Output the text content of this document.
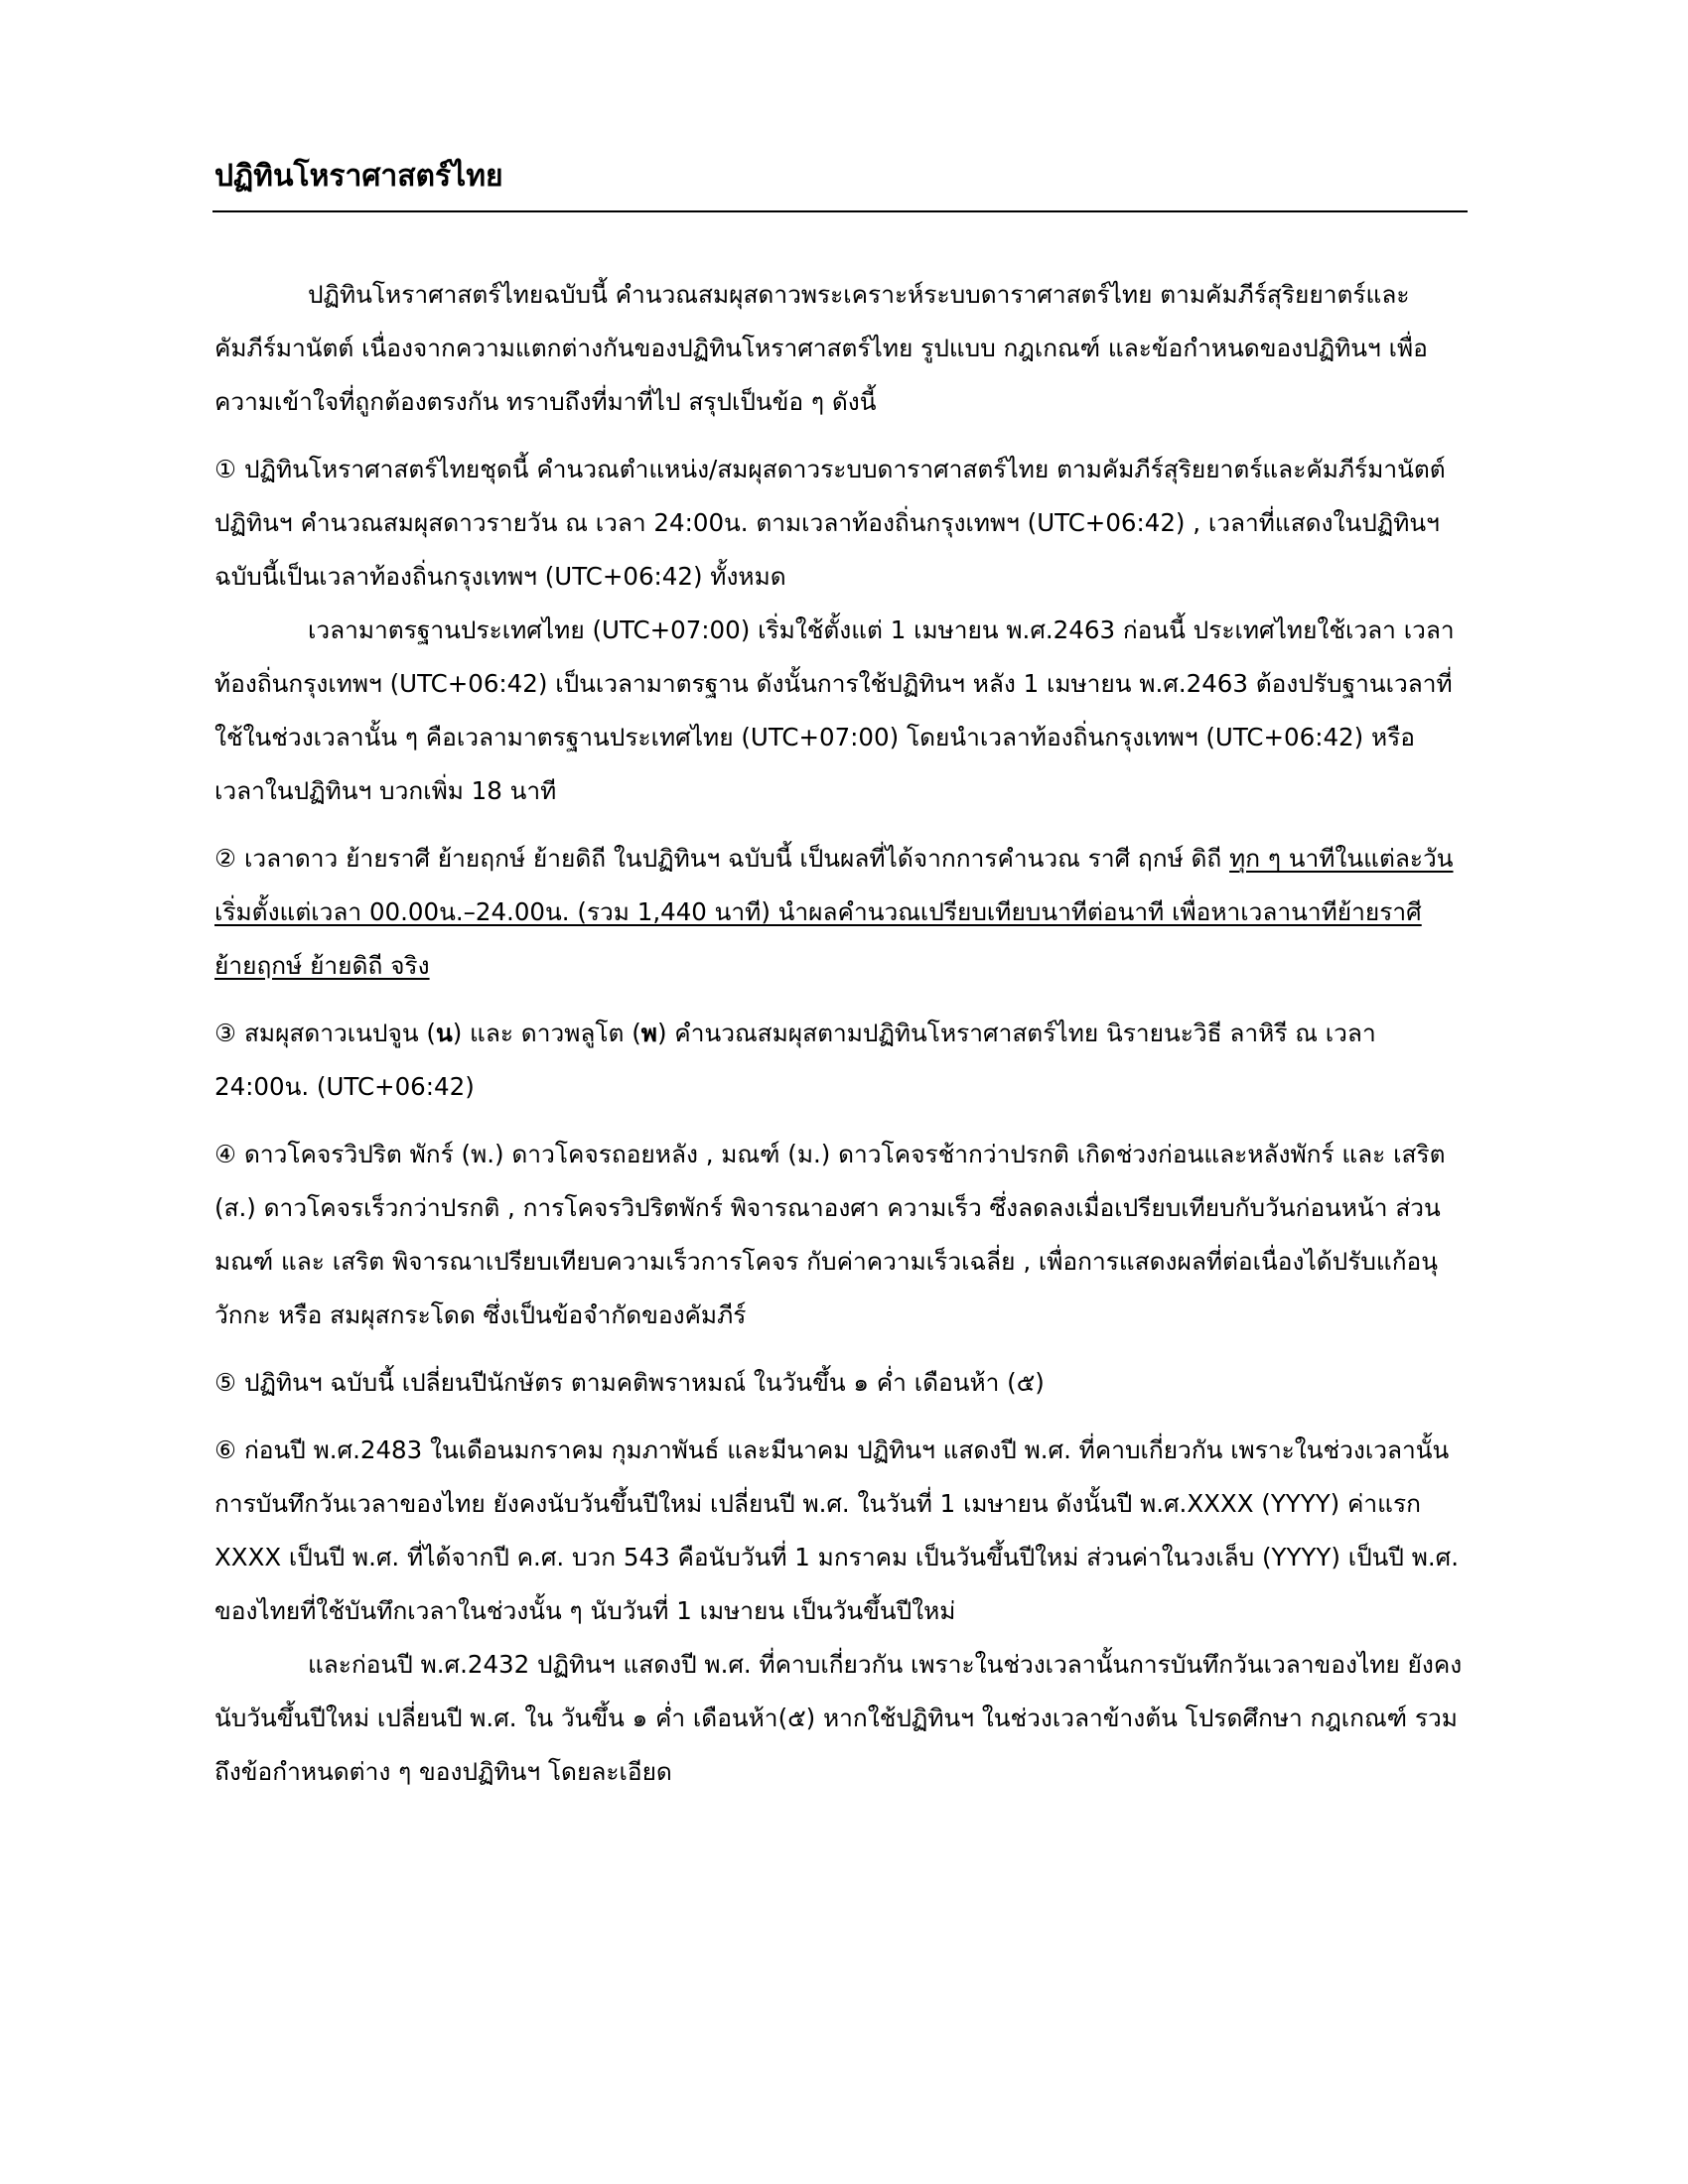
ปฏิทินโหราศาสตร์ไทย

ปฏิทินโหราศาสตร์ไทยฉบับนี้ คำนวณสมผุสดาวพระเคราะห์ระบบดาราศาสตร์ไทย ตามคัมภีร์สุริยยาตร์และคัมภีร์มานัตต์ เนื่องจากความแตกต่างกันของปฏิทินโหราศาสตร์ไทย รูปแบบ กฎเกณฑ์ และข้อกำหนดของปฏิทินฯ เพื่อความเข้าใจที่ถูกต้องตรงกัน ทราบถึงที่มาที่ไป สรุปเป็นข้อ ๆ ดังนี้

① ปฏิทินโหราศาสตร์ไทยชุดนี้ คำนวณตำแหน่ง/สมผุสดาวระบบดาราศาสตร์ไทย ตามคัมภีร์สุริยยาตร์และคัมภีร์มานัตต์ ปฏิทินฯ คำนวณสมผุสดาวรายวัน ณ เวลา 24:00น. ตามเวลาท้องถิ่นกรุงเทพฯ (UTC+06:42) , เวลาที่แสดงในปฏิทินฯ ฉบับนี้เป็นเวลาท้องถิ่นกรุงเทพฯ (UTC+06:42) ทั้งหมด

เวลามาตรฐานประเทศไทย (UTC+07:00) เริ่มใช้ตั้งแต่ 1 เมษายน พ.ศ.2463 ก่อนนี้ ประเทศไทยใช้เวลา เวลาท้องถิ่นกรุงเทพฯ (UTC+06:42) เป็นเวลามาตรฐาน ดังนั้นการใช้ปฏิทินฯ หลัง 1 เมษายน พ.ศ.2463 ต้องปรับฐานเวลาที่ใช้ในช่วงเวลานั้น ๆ คือเวลามาตรฐานประเทศไทย (UTC+07:00) โดยนำเวลาท้องถิ่นกรุงเทพฯ (UTC+06:42) หรือ เวลาในปฏิทินฯ บวกเพิ่ม 18 นาที

② เวลาดาว ย้ายราศี ย้ายฤกษ์ ย้ายดิถี ในปฏิทินฯ ฉบับนี้ เป็นผลที่ได้จากการคำนวณ ราศี ฤกษ์ ดิถี ทุก ๆ นาทีในแต่ละวัน เริ่มตั้งแต่เวลา 00.00น.–24.00น. (รวม 1,440 นาที) นำผลคำนวณเปรียบเทียบนาทีต่อนาที เพื่อหาเวลานาทีย้ายราศี ย้ายฤกษ์ ย้ายดิถี จริง

③ สมผุสดาวเนปจูน (น) และ ดาวพลูโต (พ) คำนวณสมผุสตามปฏิทินโหราศาสตร์ไทย นิรายนะวิธี ลาหิรี ณ เวลา 24:00น. (UTC+06:42)

④ ดาวโคจรวิปริต พักร์ (พ.) ดาวโคจรถอยหลัง , มณฑ์ (ม.) ดาวโคจรช้ากว่าปรกติ เกิดช่วงก่อนและหลังพักร์ และ เสริต (ส.) ดาวโคจรเร็วกว่าปรกติ , การโคจรวิปริตพักร์ พิจารณาองศา ความเร็ว ซึ่งลดลงเมื่อเปรียบเทียบกับวันก่อนหน้า ส่วน มณฑ์ และ เสริต พิจารณาเปรียบเทียบความเร็วการโคจร กับค่าความเร็วเฉลี่ย , เพื่อการแสดงผลที่ต่อเนื่องได้ปรับแก้อนุวักกะ หรือ สมผุสกระโดด ซึ่งเป็นข้อจำกัดของคัมภีร์

⑤ ปฏิทินฯ ฉบับนี้ เปลี่ยนปีนักษัตร ตามคติพราหมณ์ ในวันขึ้น ๑ ค่ำ เดือนห้า (๕)

⑥ ก่อนปี พ.ศ.2483 ในเดือนมกราคม กุมภาพันธ์ และมีนาคม ปฏิทินฯ แสดงปี พ.ศ. ที่คาบเกี่ยวกัน เพราะในช่วงเวลานั้นการบันทึกวันเวลาของไทย ยังคงนับวันขึ้นปีใหม่ เปลี่ยนปี พ.ศ. ในวันที่ 1 เมษายน ดังนั้นปี พ.ศ.XXXX (YYYY) ค่าแรก XXXX เป็นปี พ.ศ. ที่ได้จากปี ค.ศ. บวก 543 คือนับวันที่ 1 มกราคม เป็นวันขึ้นปีใหม่ ส่วนค่าในวงเล็บ (YYYY) เป็นปี พ.ศ. ของไทยที่ใช้บันทึกเวลาในช่วงนั้น ๆ นับวันที่ 1 เมษายน เป็นวันขึ้นปีใหม่

และก่อนปี พ.ศ.2432 ปฏิทินฯ แสดงปี พ.ศ. ที่คาบเกี่ยวกัน เพราะในช่วงเวลานั้นการบันทึกวันเวลาของไทย ยังคงนับวันขึ้นปีใหม่ เปลี่ยนปี พ.ศ. ใน วันขึ้น ๑ ค่ำ เดือนห้า(๕) หากใช้ปฏิทินฯ ในช่วงเวลาข้างต้น โปรดศึกษา กฎเกณฑ์ รวมถึงข้อกำหนดต่าง ๆ ของปฏิทินฯ โดยละเอียด
